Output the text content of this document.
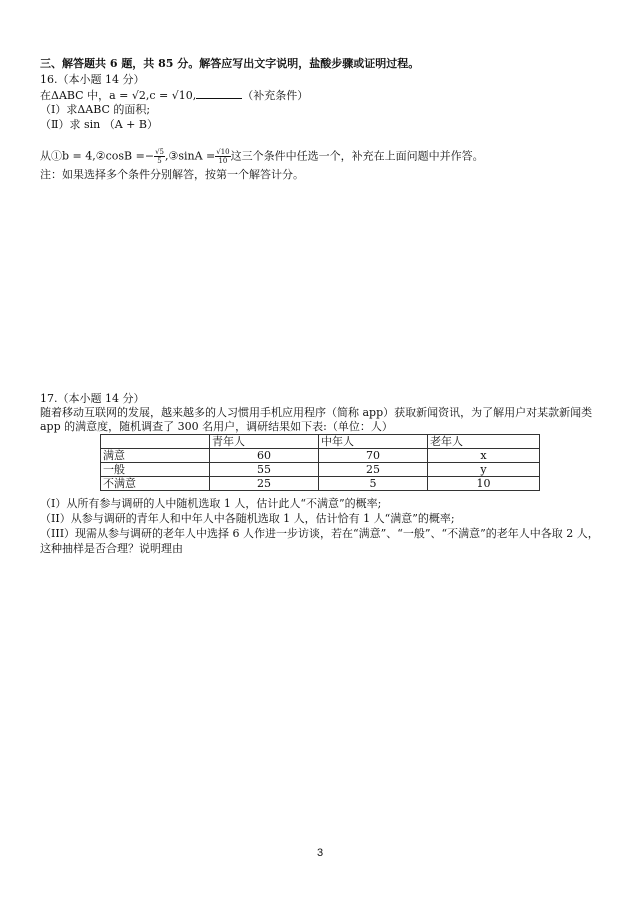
三、解答题共 6 题，共 85 分。解答应写出文字说明，盐酸步骤或证明过程。
16.（本小题 14 分）
在ΔABC 中，a = √2,c = √10,	（补充条件）
（Ⅰ）求ΔABC 的面积;
（Ⅱ）求 sin （A + B）
从①b = 4,②cosB =− $\frac{√5}{5}$ ,③sinA = $\frac{√10}{10}$ 这三个条件中任选一个，补充在上面问题中并作答。
注：如果选择多个条件分别解答，按第一个解答计分。
17.（本小题 14 分）
随着移动互联网的发展，越来越多的人习惯用手机应用程序（简称 app）获取新闻资讯，为了解用户对某款新闻类
app 的满意度，随机调查了 300 名用户，调研结果如下表:（单位：人）
	青年人	中年人	老年人
满意	60	70	x
一般	55	25	y
不满意	25	5	10
（I）从所有参与调研的人中随机选取 1 人，估计此人“不满意”的概率;
（II）从参与调研的青年人和中年人中各随机选取 1 人，估计恰有 1 人“满意”的概率;
（III）现需从参与调研的老年人中选择 6 人作进一步访谈，若在“满意”、“一般”、“不满意”的老年人中各取 2 人，
这种抽样是否合理？说明理由
3
